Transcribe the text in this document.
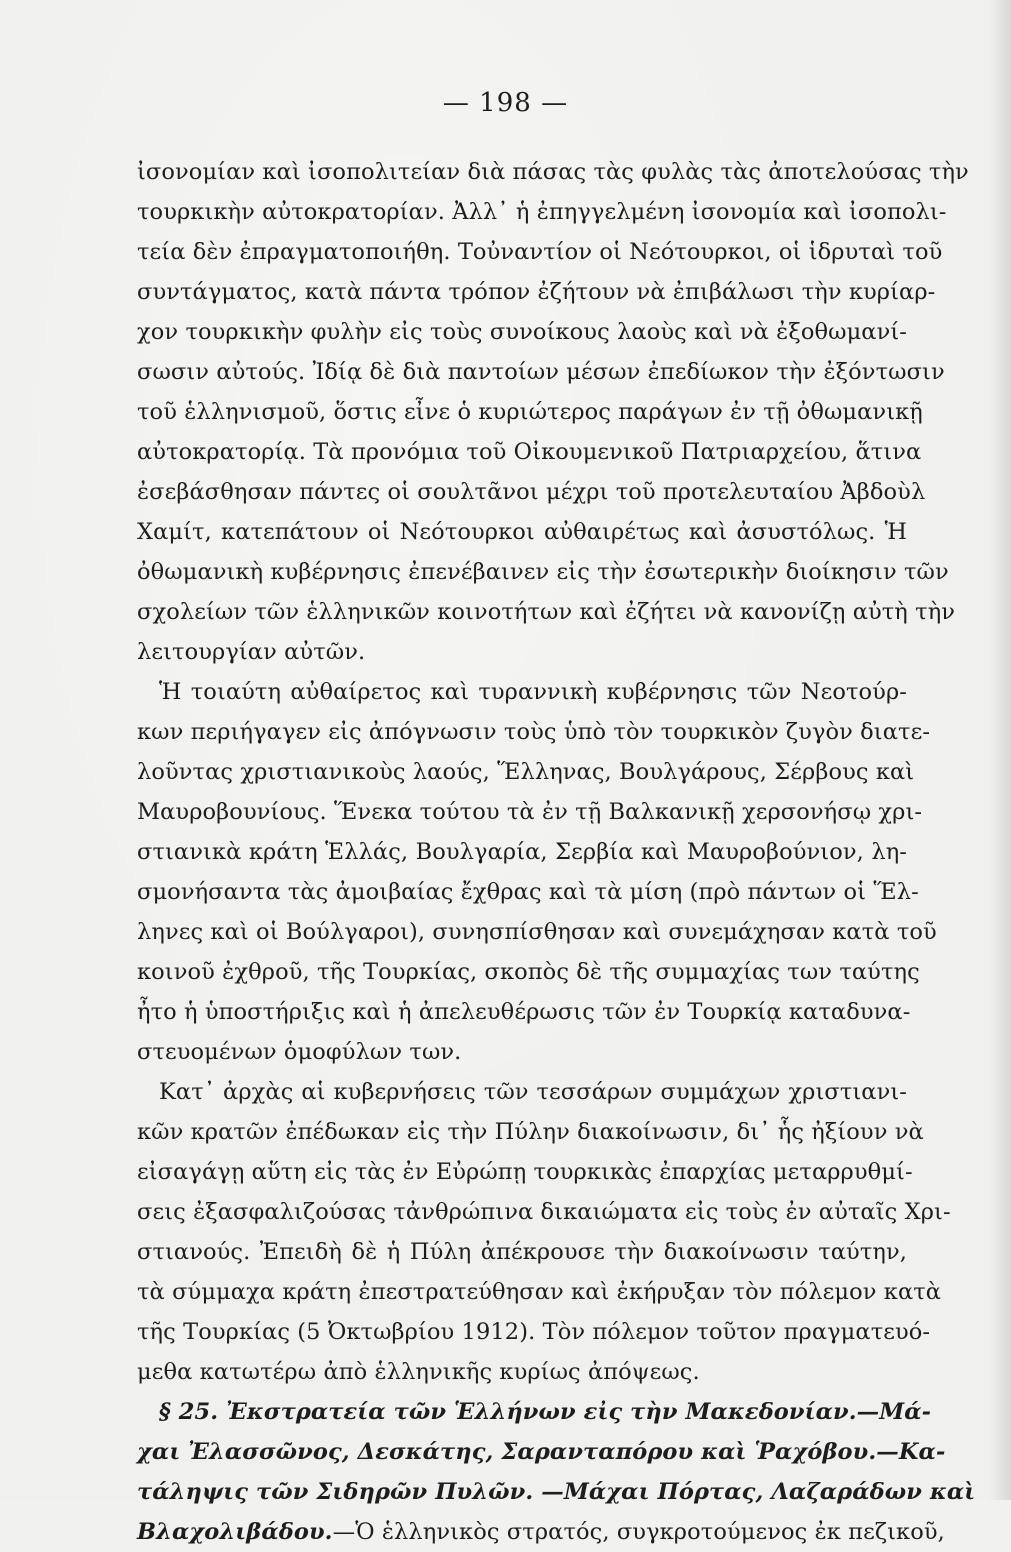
— 198 —
ἰσονομίαν καὶ ἰσοπολιτείαν διὰ πάσας τὰς φυλὰς τὰς ἀποτελούσας τὴν
τουρκικὴν αὐτοκρατορίαν. Ἀλλ᾿ ἡ ἐπηγγελμένη ἰσονομία καὶ ἰσοπολι-
τεία δὲν ἐπραγματοποιήθη. Τοὐναντίον οἱ Νεότουρκοι, οἱ ἱδρυταὶ τοῦ
συντάγματος, κατὰ πάντα τρόπον ἐζήτουν νὰ ἐπιβάλωσι τὴν κυρίαρ-
χον τουρκικὴν φυλὴν εἰς τοὺς συνοίκους λαοὺς καὶ νὰ ἐξοθωμανί-
σωσιν αὐτούς. Ἰδίᾳ δὲ διὰ παντοίων μέσων ἐπεδίωκον τὴν ἐξόντωσιν
τοῦ ἑλληνισμοῦ, ὅστις εἶνε ὁ κυριώτερος παράγων ἐν τῇ ὀθωμανικῇ
αὐτοκρατορίᾳ. Τὰ προνόμια τοῦ Οἰκουμενικοῦ Πατριαρχείου, ἅτινα
ἐσεβάσθησαν πάντες οἱ σουλτᾶνοι μέχρι τοῦ προτελευταίου Ἀβδοὺλ
Χαμίτ, κατεπάτουν οἱ Νεότουρκοι αὐθαιρέτως καὶ ἀσυστόλως. Ἡ
ὀθωμανικὴ κυβέρνησις ἐπενέβαινεν εἰς τὴν ἐσωτερικὴν διοίκησιν τῶν
σχολείων τῶν ἑλληνικῶν κοινοτήτων καὶ ἐζήτει νὰ κανονίζῃ αὐτὴ τὴν
λειτουργίαν αὐτῶν.
Ἡ τοιαύτη αὐθαίρετος καὶ τυραννικὴ κυβέρνησις τῶν Νεοτούρ-
κων περιήγαγεν εἰς ἀπόγνωσιν τοὺς ὑπὸ τὸν τουρκικὸν ζυγὸν διατε-
λοῦντας χριστιανικοὺς λαούς, Ἕλληνας, Βουλγάρους, Σέρβους καὶ
Μαυροβουνίους. Ἕνεκα τούτου τὰ ἐν τῇ Βαλκανικῇ χερσονήσῳ χρι-
στιανικὰ κράτη Ἑλλάς, Βουλγαρία, Σερβία καὶ Μαυροβούνιον, λη-
σμονήσαντα τὰς ἀμοιβαίας ἔχθρας καὶ τὰ μίση (πρὸ πάντων οἱ Ἕλ-
ληνες καὶ οἱ Βούλγαροι), συνησπίσθησαν καὶ συνεμάχησαν κατὰ τοῦ
κοινοῦ ἐχθροῦ, τῆς Τουρκίας, σκοπὸς δὲ τῆς συμμαχίας των ταύτης
ἦτο ἡ ὑποστήριξις καὶ ἡ ἀπελευθέρωσις τῶν ἐν Τουρκίᾳ καταδυνα-
στευομένων ὁμοφύλων των.
Κατ᾿ ἀρχὰς αἱ κυβερνήσεις τῶν τεσσάρων συμμάχων χριστιανι-
κῶν κρατῶν ἐπέδωκαν εἰς τὴν Πύλην διακοίνωσιν, δι᾿ ἧς ἠξίουν νὰ
εἰσαγάγῃ αὕτη εἰς τὰς ἐν Εὐρώπῃ τουρκικὰς ἐπαρχίας μεταρρυθμί-
σεις ἐξασφαλιζούσας τἀνθρώπινα δικαιώματα εἰς τοὺς ἐν αὐταῖς Χρι-
στιανούς. Ἐπειδὴ δὲ ἡ Πύλη ἀπέκρουσε τὴν διακοίνωσιν ταύτην,
τὰ σύμμαχα κράτη ἐπεστρατεύθησαν καὶ ἐκήρυξαν τὸν πόλεμον κατὰ
τῆς Τουρκίας (5 Ὀκτωβρίου 1912). Τὸν πόλεμον τοῦτον πραγματευό-
μεθα κατωτέρω ἀπὸ ἑλληνικῆς κυρίως ἀπόψεως.
§ 25. Ἐκστρατεία τῶν Ἑλλήνων εἰς τὴν Μακεδονίαν.—Μά-
χαι Ἐλασσῶνος, Δεσκάτης, Σαρανταπόρου καὶ Ῥαχόβου.—Κα-
τάληψις τῶν Σιδηρῶν Πυλῶν. —Μάχαι Πόρτας, Λαζαράδων καὶ
Βλαχολιβάδου.—Ὁ ἑλληνικὸς στρατός, συγκροτούμενος ἐκ πεζικοῦ,
